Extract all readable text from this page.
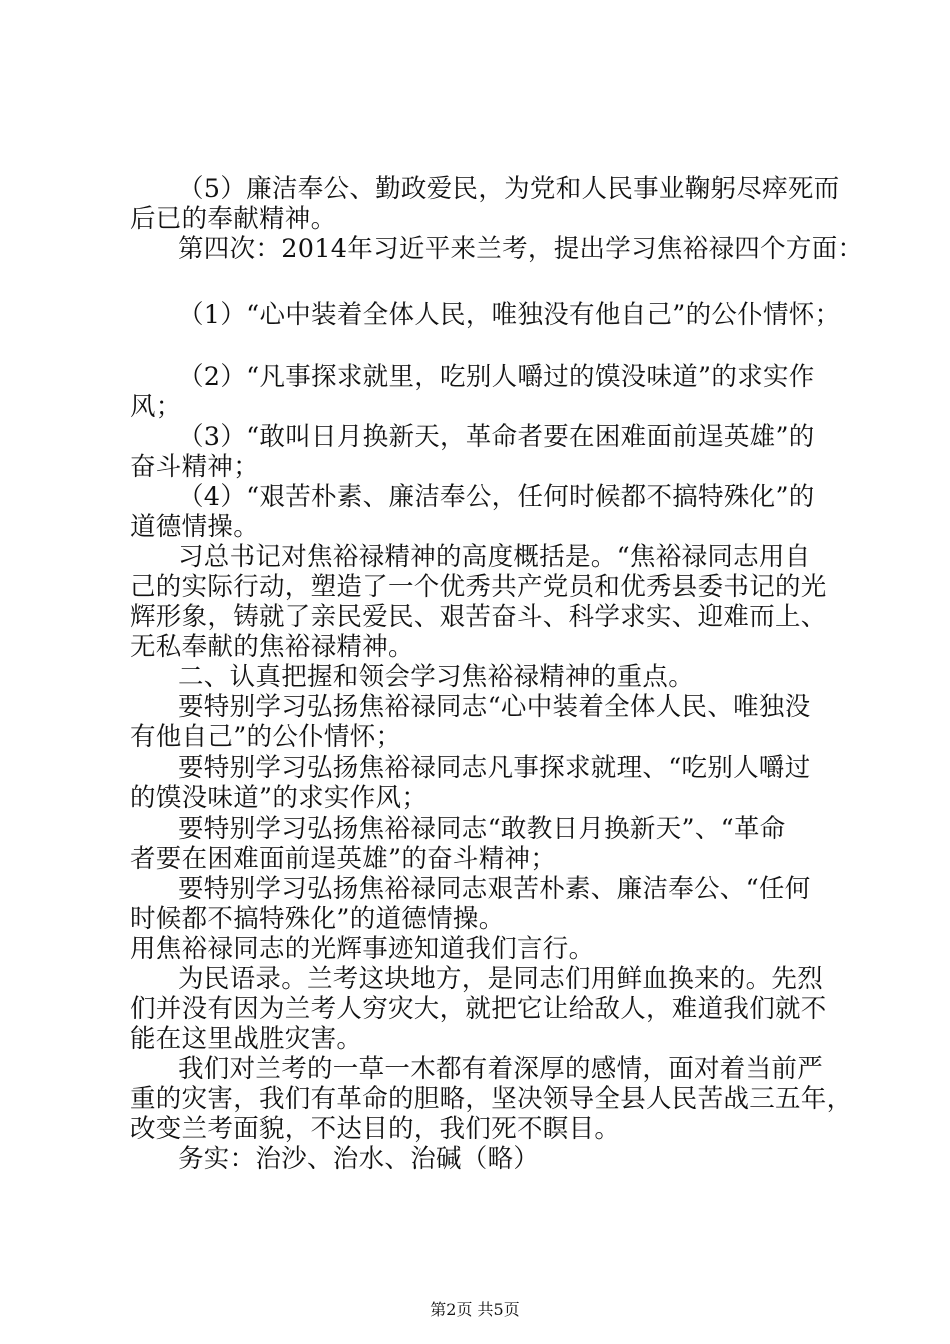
（5）廉洁奉公、勤政爱民，为党和人民事业鞠躬尽瘁死而
后已的奉献精神。
第四次：2014年习近平来兰考，提出学习焦裕禄四个方面：
（1）“心中装着全体人民，唯独没有他自己”的公仆情怀；
（2）“凡事探求就里，吃别人嚼过的馍没味道”的求实作
风；
（3）“敢叫日月换新天，革命者要在困难面前逞英雄”的
奋斗精神；
（4）“艰苦朴素、廉洁奉公，任何时候都不搞特殊化”的
道德情操。
习总书记对焦裕禄精神的高度概括是。“焦裕禄同志用自
己的实际行动，塑造了一个优秀共产党员和优秀县委书记的光
辉形象，铸就了亲民爱民、艰苦奋斗、科学求实、迎难而上、
无私奉献的焦裕禄精神。
二、认真把握和领会学习焦裕禄精神的重点。
要特别学习弘扬焦裕禄同志“心中装着全体人民、唯独没
有他自己”的公仆情怀；
要特别学习弘扬焦裕禄同志凡事探求就理、“吃别人嚼过
的馍没味道”的求实作风；
要特别学习弘扬焦裕禄同志“敢教日月换新天”、“革命
者要在困难面前逞英雄”的奋斗精神；
要特别学习弘扬焦裕禄同志艰苦朴素、廉洁奉公、“任何
时候都不搞特殊化”的道德情操。
用焦裕禄同志的光辉事迹知道我们言行。
为民语录。兰考这块地方，是同志们用鲜血换来的。先烈
们并没有因为兰考人穷灾大，就把它让给敌人，难道我们就不
能在这里战胜灾害。
我们对兰考的一草一木都有着深厚的感情，面对着当前严
重的灾害，我们有革命的胆略，坚决领导全县人民苦战三五年，
改变兰考面貌，不达目的，我们死不瞑目。
务实：治沙、治水、治碱（略）
第2页 共5页
